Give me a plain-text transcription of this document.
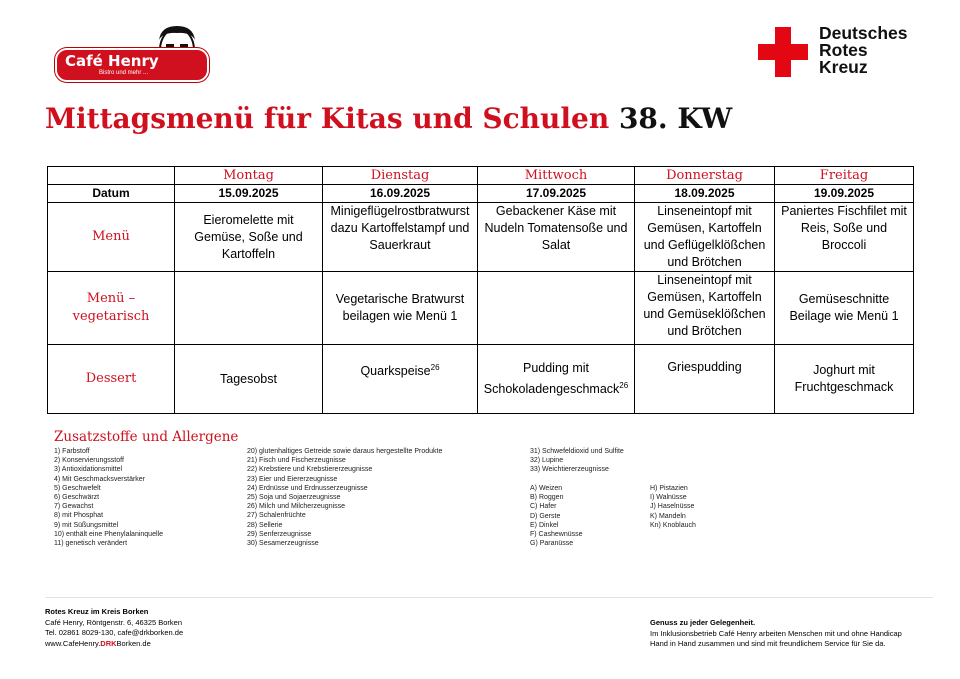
Café Henry
Bistro und mehr ...
Deutsches
Rotes
Kreuz
Mittagsmenü für Kitas und Schulen 38. KW
	Montag	Dienstag	Mittwoch	Donnerstag	Freitag
Datum	15.09.2025	16.09.2025	17.09.2025	18.09.2025	19.09.2025
Menü	Eieromelette mit Gemüse, Soße und Kartoffeln	Minigeflügelrostbratwurst dazu Kartoffelstampf und Sauerkraut	Gebackener Käse mit Nudeln Tomatensoße und Salat	Linseneintopf mit Gemüsen, Kartoffeln und Geflügelklößchen und Brötchen	Paniertes Fischfilet mit Reis, Soße und Broccoli

Menü –
vegetarisch		Vegetarische Bratwurst beilagen wie Menü 1		Linseneintopf mit Gemüsen, Kartoffeln und Gemüseklößchen und Brötchen	Gemüseschnitte Beilage wie Menü 1
Dessert	Tagesobst	Quarkspeise$^{26}$	Pudding mit Schokoladengeschmack$^{26}$	Griespudding	Joghurt mit Fruchtgeschmack
Zusatzstoffe und Allergene
1) Farbstoff
2) Konservierungsstoff
3) Antioxidationsmittel
4) Mit Geschmacksverstärker
5) Geschwefelt
6) Geschwärzt
7) Gewachst
8) mit Phosphat
9) mit Süßungsmittel
10) enthält eine Phenylalaninquelle
11) genetisch verändert
20) glutenhaltiges Getreide sowie daraus hergestellte Produkte
21) Fisch und Fischerzeugnisse
22) Krebstiere und Krebstiererzeugnisse
23) Eier und Eiererzeugnisse
24) Erdnüsse und Erdnusserzeugnisse
25) Soja und Sojaerzeugnisse
26) Milch und Milcherzeugnisse
27) Schalenfrüchte
28) Sellerie
29) Senferzeugnisse
30) Sesamerzeugnisse
31) Schwefeldioxid und Sulfite
32) Lupine
33) Weichtiererzeugnisse
A) Weizen
B) Roggen
C) Hafer
D) Gerste
E) Dinkel
F) Cashewnüsse
G) Paranüsse
H) Pistazien
I) Walnüsse
J) Haselnüsse
K) Mandeln
Kn) Knoblauch
Rotes Kreuz im Kreis Borken
Café Henry, Röntgenstr. 6, 46325 Borken
Tel. 02861 8029-130, cafe@drkborken.de
www.CafeHenry.DRKBorken.de
Genuss zu jeder Gelegenheit.
Im Inklusionsbetrieb Café Henry arbeiten Menschen mit und ohne Handicap
Hand in Hand zusammen und sind mit freundlichem Service für Sie da.
